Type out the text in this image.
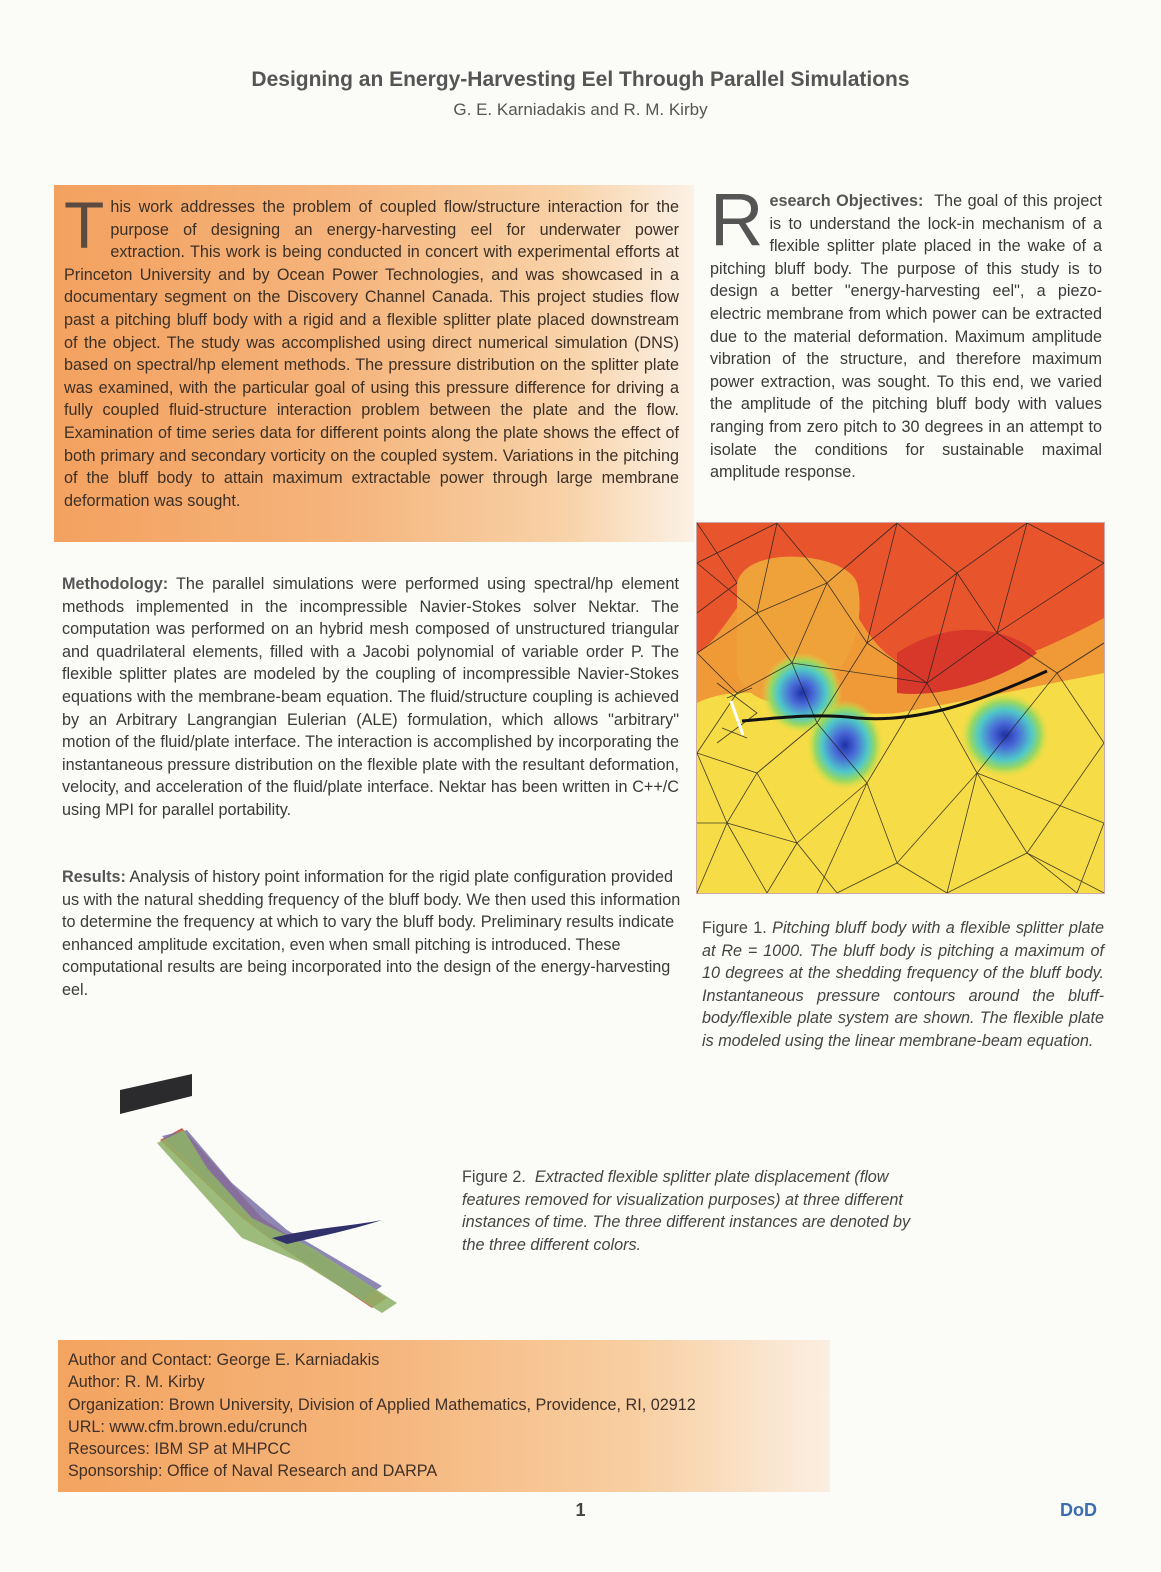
Designing an Energy-Harvesting Eel Through Parallel Simulations
G. E. Karniadakis and R. M. Kirby
This work addresses the problem of coupled flow/structure interaction for the purpose of designing an energy-harvesting eel for underwater power extraction. This work is being conducted in concert with experimental efforts at Princeton University and by Ocean Power Technologies, and was showcased in a documentary segment on the Discovery Channel Canada. This project studies flow past a pitching bluff body with a rigid and a flexible splitter plate placed downstream of the object. The study was accomplished using direct numerical simulation (DNS) based on spectral/hp element methods. The pressure distribution on the splitter plate was examined, with the particular goal of using this pressure difference for driving a fully coupled fluid-structure interaction problem between the plate and the flow. Examination of time series data for different points along the plate shows the effect of both primary and secondary vorticity on the coupled system. Variations in the pitching of the bluff body to attain maximum extractable power through large membrane deformation was sought.
Research Objectives: The goal of this project is to understand the lock-in mechanism of a flexible splitter plate placed in the wake of a pitching bluff body. The purpose of this study is to design a better "energy-harvesting eel", a piezo-electric membrane from which power can be extracted due to the material deformation. Maximum amplitude vibration of the structure, and therefore maximum power extraction, was sought. To this end, we varied the amplitude of the pitching bluff body with values ranging from zero pitch to 30 degrees in an attempt to isolate the conditions for sustainable maximal amplitude response.
Figure 1. Pitching bluff body with a flexible splitter plate at Re = 1000. The bluff body is pitching a maximum of 10 degrees at the shedding frequency of the bluff body. Instantaneous pressure contours around the bluff-body/flexible plate system are shown. The flexible plate is modeled using the linear membrane-beam equation.
Methodology: The parallel simulations were performed using spectral/hp element methods implemented in the incompressible Navier-Stokes solver Nektar. The computation was performed on an hybrid mesh composed of unstructured triangular and quadrilateral elements, filled with a Jacobi polynomial of variable order P. The flexible splitter plates are modeled by the coupling of incompressible Navier-Stokes equations with the membrane-beam equation. The fluid/structure coupling is achieved by an Arbitrary Langrangian Eulerian (ALE) formulation, which allows "arbitrary" motion of the fluid/plate interface. The interaction is accomplished by incorporating the instantaneous pressure distribution on the flexible plate with the resultant deformation, velocity, and acceleration of the fluid/plate interface. Nektar has been written in C++/C using MPI for parallel portability.
Results: Analysis of history point information for the rigid plate configuration provided us with the natural shedding frequency of the bluff body. We then used this information to determine the frequency at which to vary the bluff body. Preliminary results indicate enhanced amplitude excitation, even when small pitching is introduced. These computational results are being incorporated into the design of the energy-harvesting eel.
Figure 2. Extracted flexible splitter plate displacement (flow features removed for visualization purposes) at three different instances of time. The three different instances are denoted by the three different colors.
Author and Contact: George E. Karniadakis
Author: R. M. Kirby
Organization: Brown University, Division of Applied Mathematics, Providence, RI, 02912
URL: www.cfm.brown.edu/crunch
Resources: IBM SP at MHPCC
Sponsorship: Office of Naval Research and DARPA
1	DoD
